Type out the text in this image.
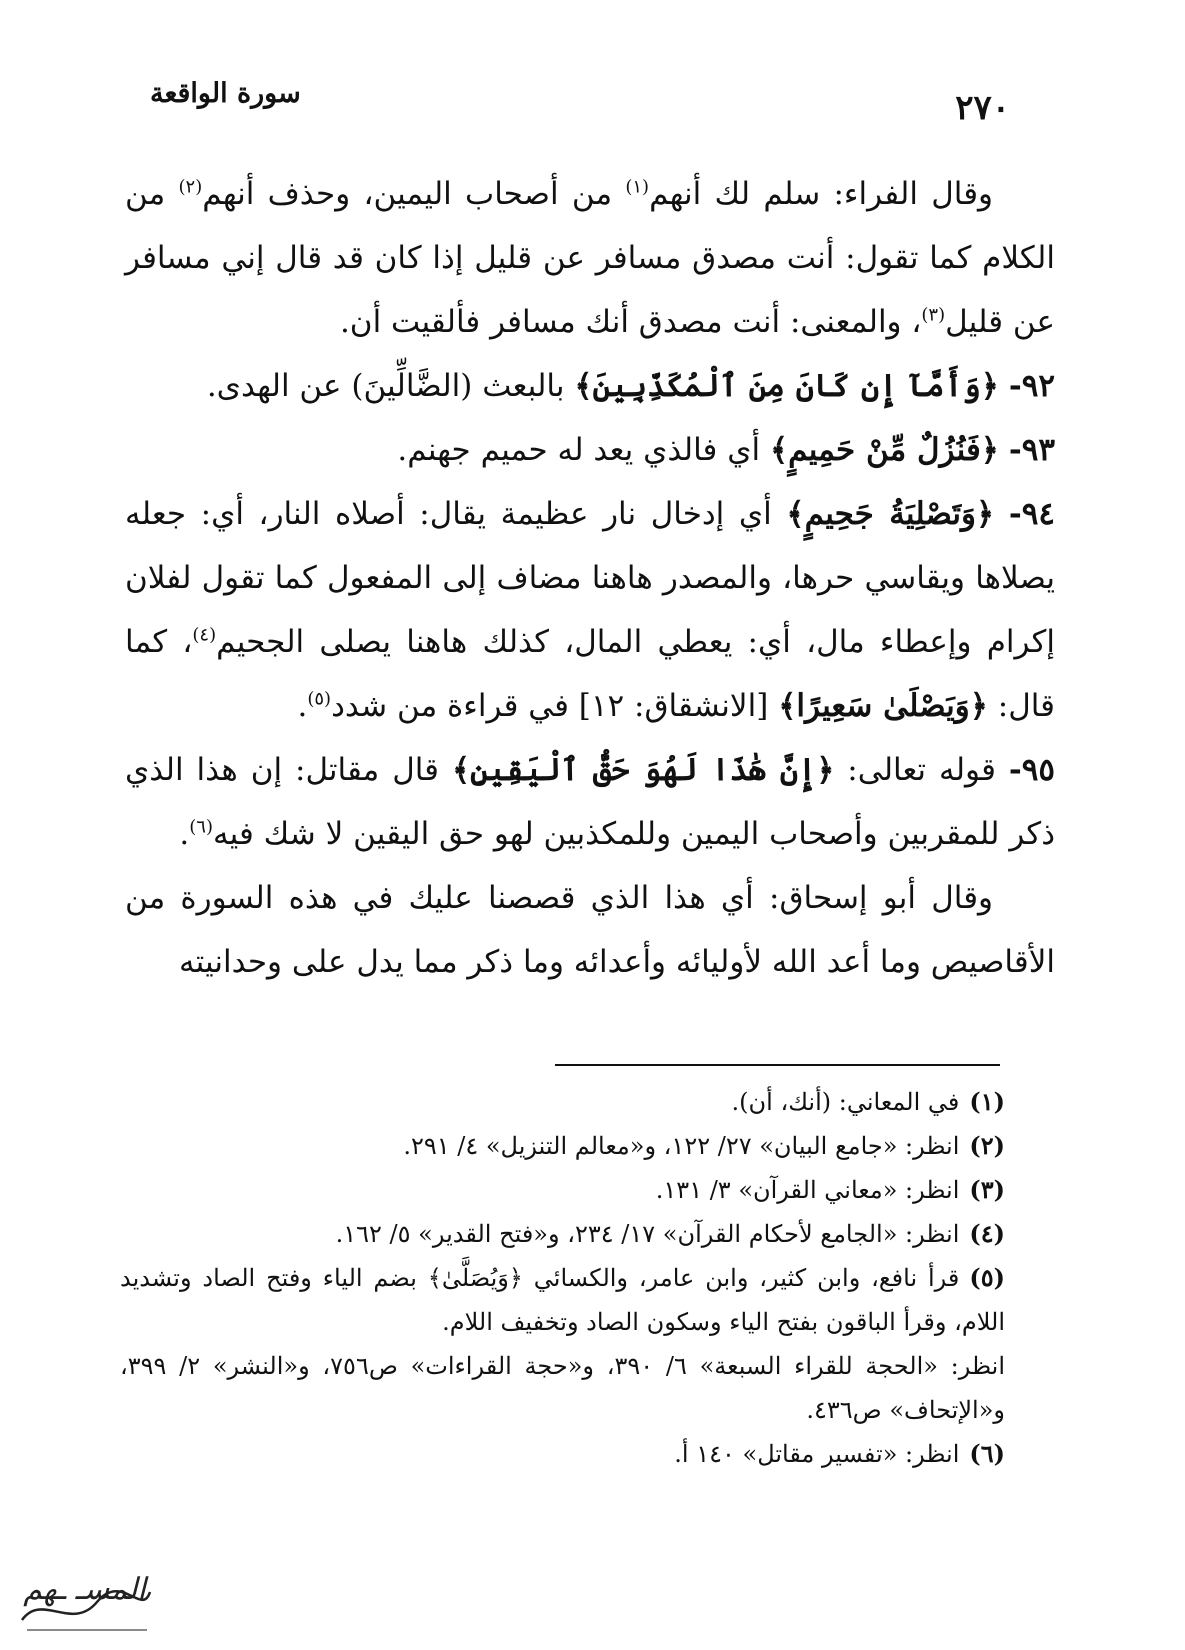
سورة الواقعة	٢٧٠

وقال الفراء: سلم لك أنهم$^{(١)}$ من أصحاب اليمين، وحذف أنهم$^{(٢)}$ من الكلام كما تقول: أنت مصدق مسافر عن قليل إذا كان قد قال إني مسافر عن قليل$^{(٣)}$، والمعنى: أنت مصدق أنك مسافر فألقيت أن.

٩٢- ﴿وَأَمَّآ إِن كَانَ مِنَ ٱلْمُكَذِّبِينَ﴾ بالبعث (الضَّالِّينَ) عن الهدى.

٩٣- ﴿فَنُزُلٌ مِّنْ حَمِيمٍ﴾ أي فالذي يعد له حميم جهنم.

٩٤- ﴿وَتَصْلِيَةُ جَحِيمٍ﴾ أي إدخال نار عظيمة يقال: أصلاه النار، أي: جعله يصلاها ويقاسي حرها، والمصدر هاهنا مضاف إلى المفعول كما تقول لفلان إكرام وإعطاء مال، أي: يعطي المال، كذلك هاهنا يصلى الجحيم$^{(٤)}$، كما قال: ﴿وَيَصْلَىٰ سَعِيرًا﴾ [الانشقاق: ١٢] في قراءة من شدد$^{(٥)}$.

٩٥- قوله تعالى: ﴿إِنَّ هَٰذَا لَهُوَ حَقُّ ٱلْيَقِينِ﴾ قال مقاتل: إن هذا الذي ذكر للمقربين وأصحاب اليمين وللمكذبين لهو حق اليقين لا شك فيه$^{(٦)}$.

وقال أبو إسحاق: أي هذا الذي قصصنا عليك في هذه السورة من الأقاصيص وما أعد الله لأوليائه وأعدائه وما ذكر مما يدل على وحدانيته

(١)في المعاني: (أنك، أن).
(٢)انظر: «جامع البيان» ٢٧/ ١٢٢، و«معالم التنزيل» ٤/ ٢٩١.
(٣)انظر: «معاني القرآن» ٣/ ١٣١.
(٤)انظر: «الجامع لأحكام القرآن» ١٧/ ٢٣٤، و«فتح القدير» ٥/ ١٦٢.
(٥)قرأ نافع، وابن كثير، وابن عامر، والكسائي ﴿وَيُصَلَّىٰ﴾ بضم الياء وفتح الصاد وتشديد اللام، وقرأ الباقون بفتح الياء وسكون الصاد وتخفيف اللام.
انظر: «الحجة للقراء السبعة» ٦/ ٣٩٠، و«حجة القراءات» ص٧٥٦، و«النشر» ٢/ ٣٩٩، و«الإتحاف» ص٤٣٦.
(٦)انظر: «تفسير مقاتل» ١٤٠ أ.
المسـ ـهم
